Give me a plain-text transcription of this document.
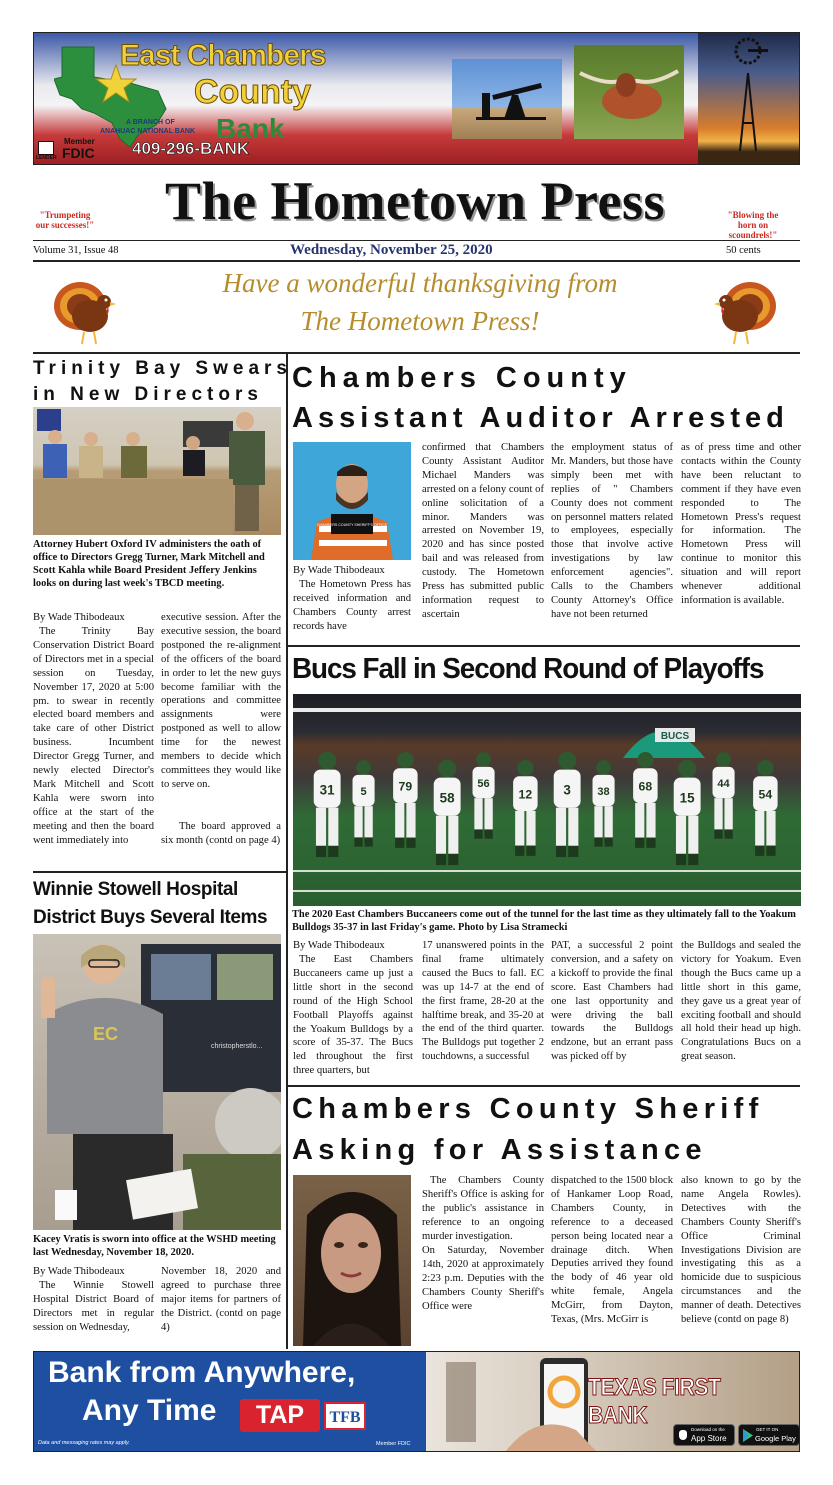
East Chambers
County
Bank
A BRANCH OF
ANAHUAC NATIONAL BANK
LENDER
Member
FDIC 409-296-BANK
The Hometown Press
"Trumpeting our successes!"
"Blowing the horn on scoundrels!"
Volume 31, Issue 48	Wednesday, November 25, 2020	50 cents
Have a wonderful thanksgiving from
The Hometown Press!
Trinity Bay Swears
in New Directors
Attorney Hubert Oxford IV administers the oath of office to Directors Gregg Turner, Mark Mitchell and Scott Kahla while Board President Jeffery Jenkins looks on during last week's TBCD meeting.
By Wade Thibodeaux
The Trinity Bay Conservation District Board of Directors met in a special session on Tuesday, November 17, 2020 at 5:00 pm. to swear in recently elected board members and take care of other District business. Incumbent Director Gregg Turner, and newly elected Director's Mark Mitchell and Scott Kahla were sworn into office at the start of the meeting and then the board went immediately into
executive session. After the executive session, the board postponed the re-alignment of the officers of the board in order to let the new guys become familiar with the operations and committee assignments were postponed as well to allow time for the newest members to decide which committees they would like to serve on.
The board approved a six month (contd on page 4)
Winnie Stowell Hospital District Buys Several Items
christopherstlo...
EC
Kacey Vratis is sworn into office at the WSHD meeting last Wednesday, November 18, 2020.
By Wade Thibodeaux
The Winnie Stowell Hospital District Board of Directors met in regular session on Wednesday,
November 18, 2020 and agreed to purchase three major items for partners of the District. (contd on page 4)
Chambers County
Assistant Auditor Arrested
CHAMBERS COUNTY SHERIFF'S OFFICE
By Wade Thibodeaux
The Hometown Press has received information and Chambers County arrest records have
confirmed that Chambers County Assistant Auditor Michael Manders was arrested on a felony count of online solicitation of a minor. Manders was arrested on November 19, 2020 and has since posted bail and was released from custody. The Hometown Press has submitted public information request to ascertain
the employment status of Mr. Manders, but those have simply been met with replies of " Chambers County does not comment on personnel matters related to employees, especially those that involve active investigations by law enforcement agencies". Calls to the Chambers County Attorney's Office have not been returned
as of press time and other contacts within the County have been reluctant to comment if they have even responded to The Hometown Press's request for information. The Hometown Press will continue to monitor this situation and will report whenever additional information is available.
Bucs Fall in Second Round of Playoffs
BUCS
31 5	79
58
56
12	3 38 68
15
44
54
The 2020 East Chambers Buccaneers come out of the tunnel for the last time as they ultimately fall to the Yoakum Bulldogs 35-37 in last Friday's game. Photo by Lisa Stramecki
By Wade Thibodeaux
The East Chambers Buccaneers came up just a little short in the second round of the High School Football Playoffs against the Yoakum Bulldogs by a score of 35-37. The Bucs led throughout the first three quarters, but
17 unanswered points in the final frame ultimately caused the Bucs to fall. EC was up 14-7 at the end of the first frame, 28-20 at the halftime break, and 35-20 at the end of the third quarter. The Bulldogs put together 2 touchdowns, a successful
PAT, a successful 2 point conversion, and a safety on a kickoff to provide the final score. East Chambers had one last opportunity and were driving the ball towards the Bulldogs endzone, but an errant pass was picked off by
the Bulldogs and sealed the victory for Yoakum. Even though the Bucs came up a little short in this game, they gave us a great year of exciting football and should all hold their head up high. Congratulations Bucs on a great season.
Chambers County Sheriff
Asking for Assistance
The Chambers County Sheriff's Office is asking for the public's assistance in reference to an ongoing murder investigation.
On Saturday, November 14th, 2020 at approximately 2:23 p.m. Deputies with the Chambers County Sheriff's Office were
dispatched to the 1500 block of Hankamer Loop Road, Chambers County, in reference to a deceased person being located near a drainage ditch. When Deputies arrived they found the body of 46 year old white female, Angela McGirr, from Dayton, Texas, (Mrs. McGirr is
also known to go by the name Angela Rowles). Detectives with the Chambers County Sheriff's Office Criminal Investigations Division are investigating this as a homicide due to suspicious circumstances and the manner of death. Detectives believe (contd on page 8)
Bank from Anywhere,
Any Time	TAP	TFB
Data and messaging rates may apply.	Member FDIC
TEXAS FIRST BANK
Download on the
App Store
GET IT ON
Google Play
